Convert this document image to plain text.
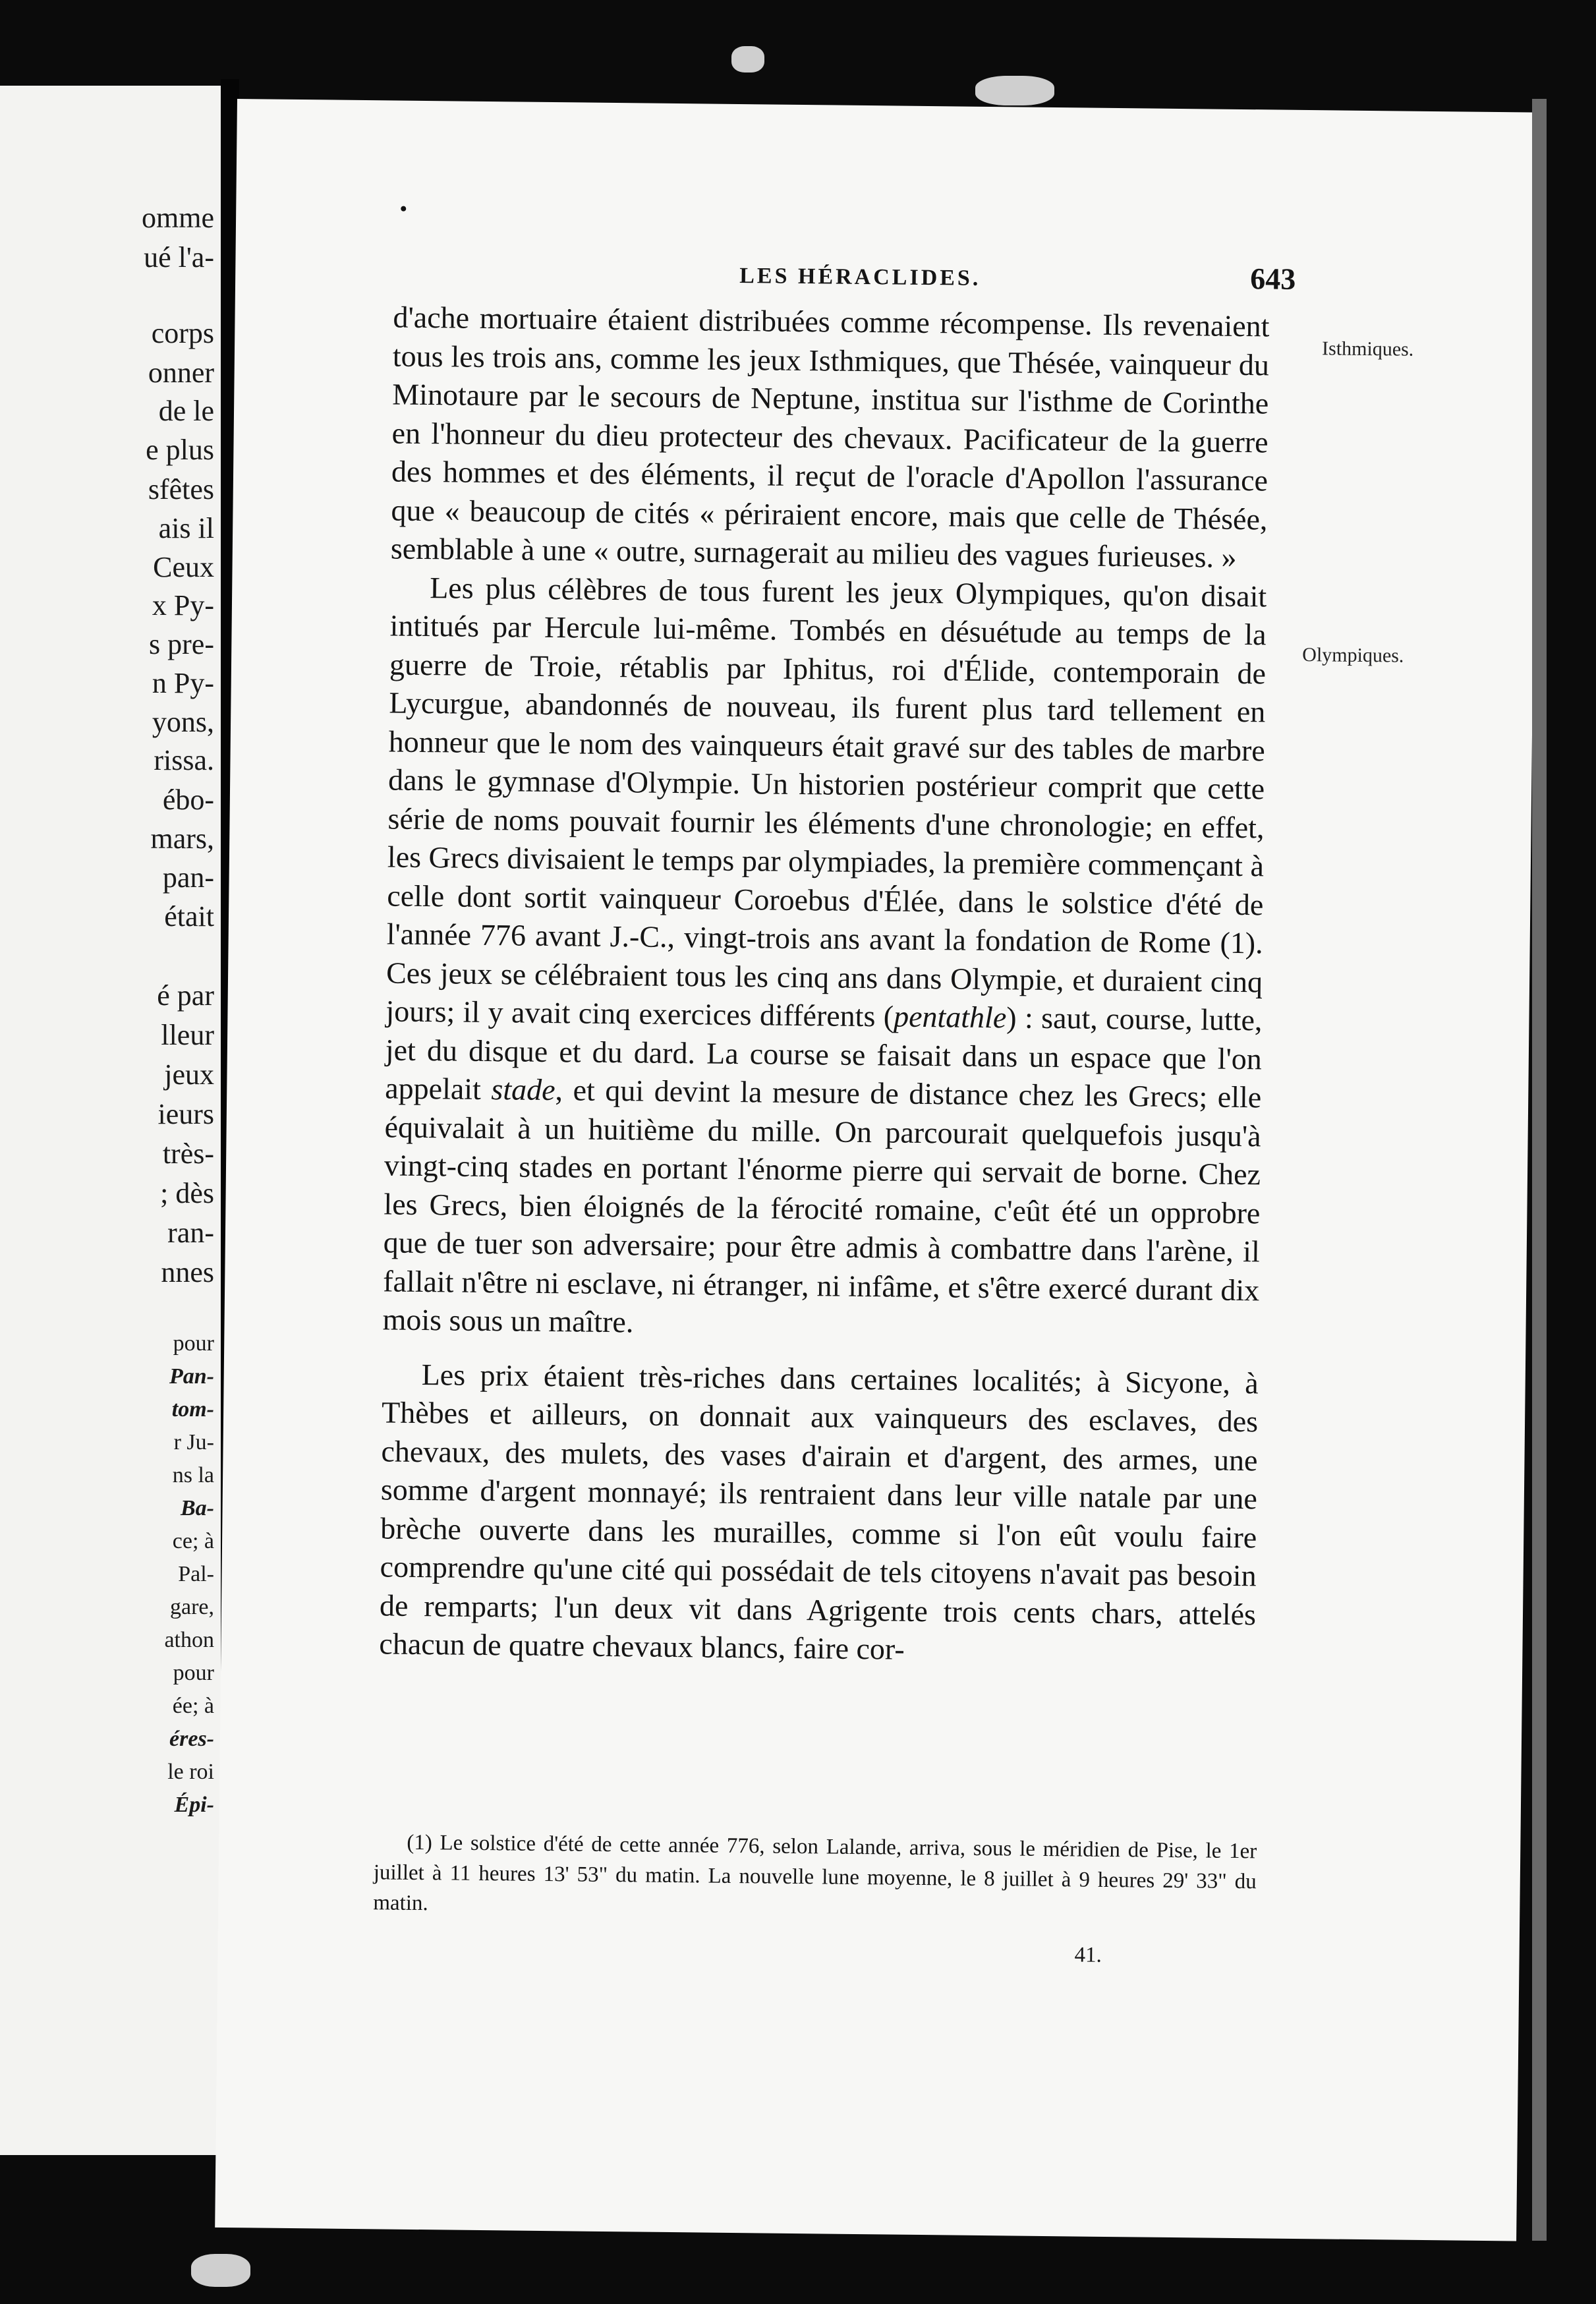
omme
ué l'a-
corps
onner
de le
e plus
sfêtes
ais il
Ceux
x Py-
s pre-
n Py-
yons,
rissa.
ébo-
mars,
pan-
était
é par
lleur
jeux
ieurs
très-
; dès
ran-
nnes
pour
Pan-
tom-
r Ju-
ns la
Ba-
ce; à
Pal-
gare,
athon
pour
ée; à
éres-
le roi
Épi-
LES HÉRACLIDES.	643
Isthmiques.
Olympiques.

d'ache mortuaire étaient distribuées comme récompense. Ils revenaient tous les trois ans, comme les jeux Isthmiques, que Thésée, vainqueur du Minotaure par le secours de Neptune, institua sur l'isthme de Corinthe en l'honneur du dieu protecteur des chevaux. Pacificateur de la guerre des hommes et des éléments, il reçut de l'oracle d'Apollon l'assurance que « beaucoup de cités « périraient encore, mais que celle de Thésée, semblable à une « outre, surnagerait au milieu des vagues furieuses. »

Les plus célèbres de tous furent les jeux Olympiques, qu'on disait intitués par Hercule lui-même. Tombés en désuétude au temps de la guerre de Troie, rétablis par Iphitus, roi d'Élide, contemporain de Lycurgue, abandonnés de nouveau, ils furent plus tard tellement en honneur que le nom des vainqueurs était gravé sur des tables de marbre dans le gymnase d'Olympie. Un historien postérieur comprit que cette série de noms pouvait fournir les éléments d'une chronologie; en effet, les Grecs divisaient le temps par olympiades, la première commençant à celle dont sortit vainqueur Coroebus d'Élée, dans le solstice d'été de l'année 776 avant J.-C., vingt-trois ans avant la fondation de Rome (1). Ces jeux se célébraient tous les cinq ans dans Olympie, et duraient cinq jours; il y avait cinq exercices différents (pentathle) : saut, course, lutte, jet du disque et du dard. La course se faisait dans un espace que l'on appelait stade, et qui devint la mesure de distance chez les Grecs; elle équivalait à un huitième du mille. On parcourait quelquefois jusqu'à vingt-cinq stades en portant l'énorme pierre qui servait de borne. Chez les Grecs, bien éloignés de la férocité romaine, c'eût été un opprobre que de tuer son adversaire; pour être admis à combattre dans l'arène, il fallait n'être ni esclave, ni étranger, ni infâme, et s'être exercé durant dix mois sous un maître.

Les prix étaient très-riches dans certaines localités; à Sicyone, à Thèbes et ailleurs, on donnait aux vainqueurs des esclaves, des chevaux, des mulets, des vases d'airain et d'argent, des armes, une somme d'argent monnayé; ils rentraient dans leur ville natale par une brèche ouverte dans les murailles, comme si l'on eût voulu faire comprendre qu'une cité qui possédait de tels citoyens n'avait pas besoin de remparts; l'un deux vit dans Agrigente trois cents chars, attelés chacun de quatre chevaux blancs, faire cor-

(1) Le solstice d'été de cette année 776, selon Lalande, arriva, sous le méridien de Pise, le 1er juillet à 11 heures 13' 53" du matin. La nouvelle lune moyenne, le 8 juillet à 9 heures 29' 33" du matin.
41.
